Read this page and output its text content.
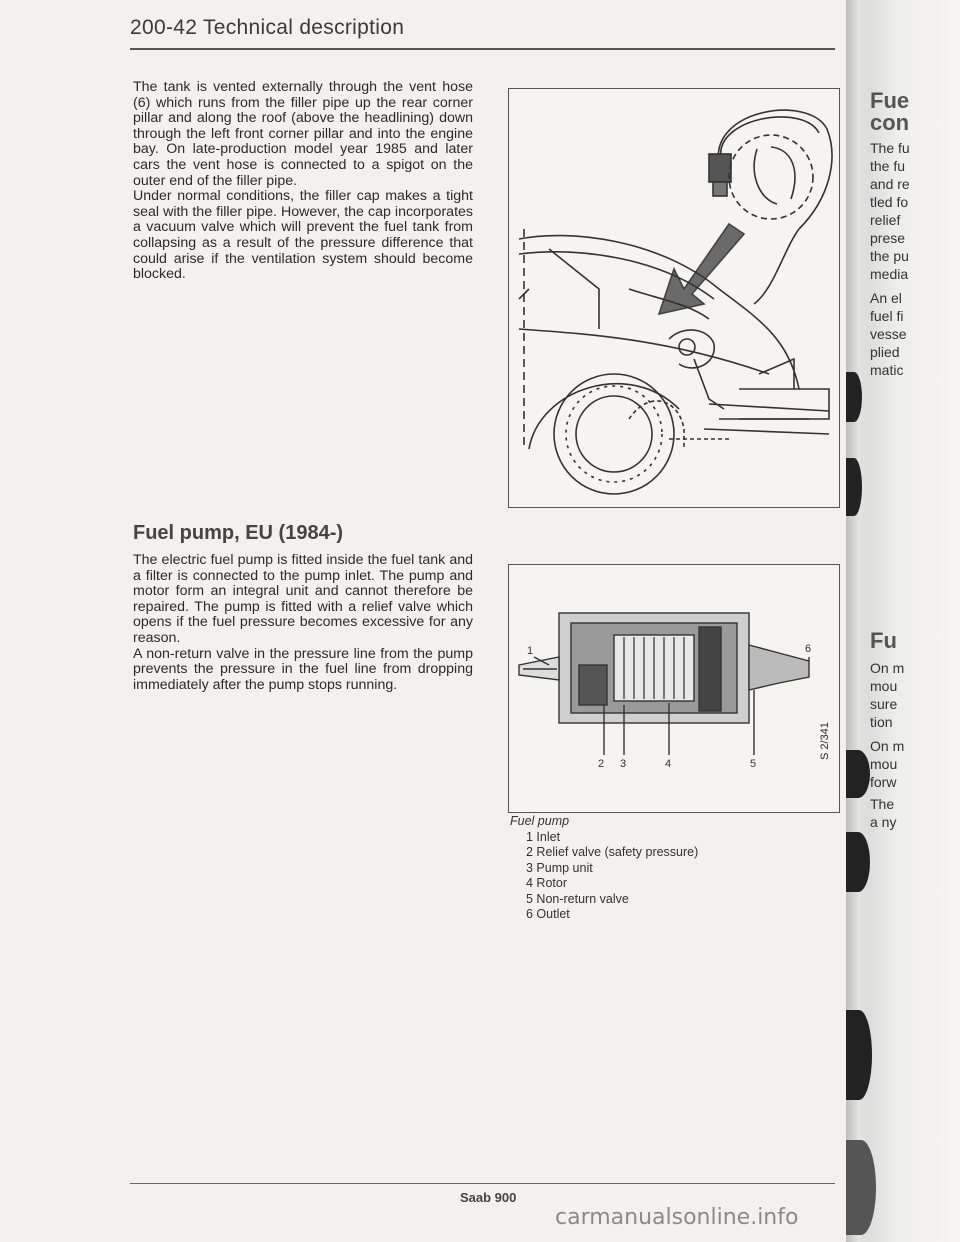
200-42 Technical description

The tank is vented externally through the vent hose (6) which runs from the filler pipe up the rear corner pillar and along the roof (above the headlining) down through the left front corner pillar and into the engine bay. On late-production model year 1985 and later cars the vent hose is connected to a spigot on the outer end of the filler pipe.

Under normal conditions, the filler cap makes a tight seal with the filler pipe. However, the cap incorporates a vacuum valve which will prevent the fuel tank from collapsing as a result of the pressure difference that could arise if the ventilation system should become blocked.

Fuel pump, EU (1984-)

The electric fuel pump is fitted inside the fuel tank and a filter is connected to the pump inlet. The pump and motor form an integral unit and cannot therefore be repaired. The pump is fitted with a relief valve which opens if the fuel pressure becomes excessive for any reason.

A non-return valve in the pressure line from the pump prevents the pressure in the fuel line from dropping immediately after the pump stops running.

1
2 3	4	5
6
S 2/341
Fuel pump
1 Inlet
2 Relief valve (safety pressure)
3 Pump unit
4 Rotor
5 Non-return valve
6 Outlet
Saab 900
Fue
con
The fu
the fu
and re
tled fo
relief
prese
the pu
media
An el
fuel fi
vesse
plied
matic
Fu
On m
mou
sure
tion
On m
mou
forw
The
a ny
carmanualsonline.info
